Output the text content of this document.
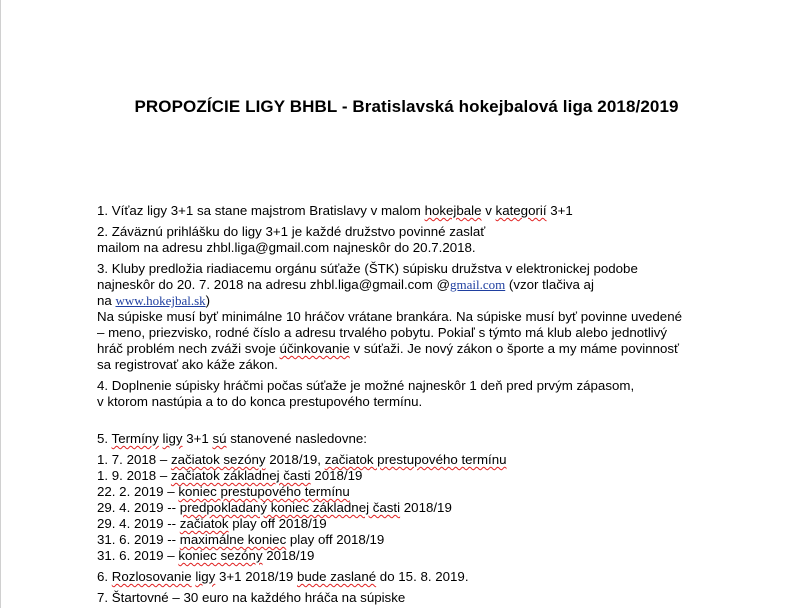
PROPOZÍCIE LIGY BHBL - Bratislavská hokejbalová liga 2018/2019
1. Víťaz ligy 3+1 sa stane majstrom Bratislavy v malom hokejbale v kategorií 3+1
2. Záväznú prihlášku do ligy 3+1 je každé družstvo povinné zaslať
mailom na adresu zhbl.liga@gmail.com najneskôr do 20.7.2018.
3. Kluby predložia riadiacemu orgánu súťaže (ŠTK) súpisku družstva v elektronickej podobe
najneskôr do 20. 7. 2018 na adresu zhbl.liga@gmail.com @gmail.com (vzor tlačiva aj
na www.hokejbal.sk)
Na súpiske musí byť minimálne 10 hráčov vrátane brankára. Na súpiske musí byť povinne uvedené
– meno, priezvisko, rodné číslo a adresu trvalého pobytu. Pokiaľ s týmto má klub alebo jednotlivý
hráč problém nech zváži svoje účinkovanie v súťaži. Je nový zákon o športe a my máme povinnosť
sa registrovať ako káže zákon.
4. Doplnenie súpisky hráčmi počas súťaže je možné najneskôr 1 deň pred prvým zápasom,
v ktorom nastúpia a to do konca prestupového termínu.
5. Termíny ligy 3+1 sú stanovené nasledovne:
1. 7. 2018 – začiatok sezóny 2018/19, začiatok prestupového termínu
1. 9. 2018 – začiatok základnej časti 2018/19
22. 2. 2019 – koniec prestupového termínu
29. 4. 2019 -- predpokladaný koniec základnej časti 2018/19
29. 4. 2019 -- začiatok play off 2018/19
31. 6. 2019 -- maximálne koniec play off 2018/19
31. 6. 2019 – koniec sezóny 2018/19
6. Rozlosovanie ligy 3+1 2018/19 bude zaslané do 15. 8. 2019.
7. Štartovné – 30 euro na každého hráča na súpiske
